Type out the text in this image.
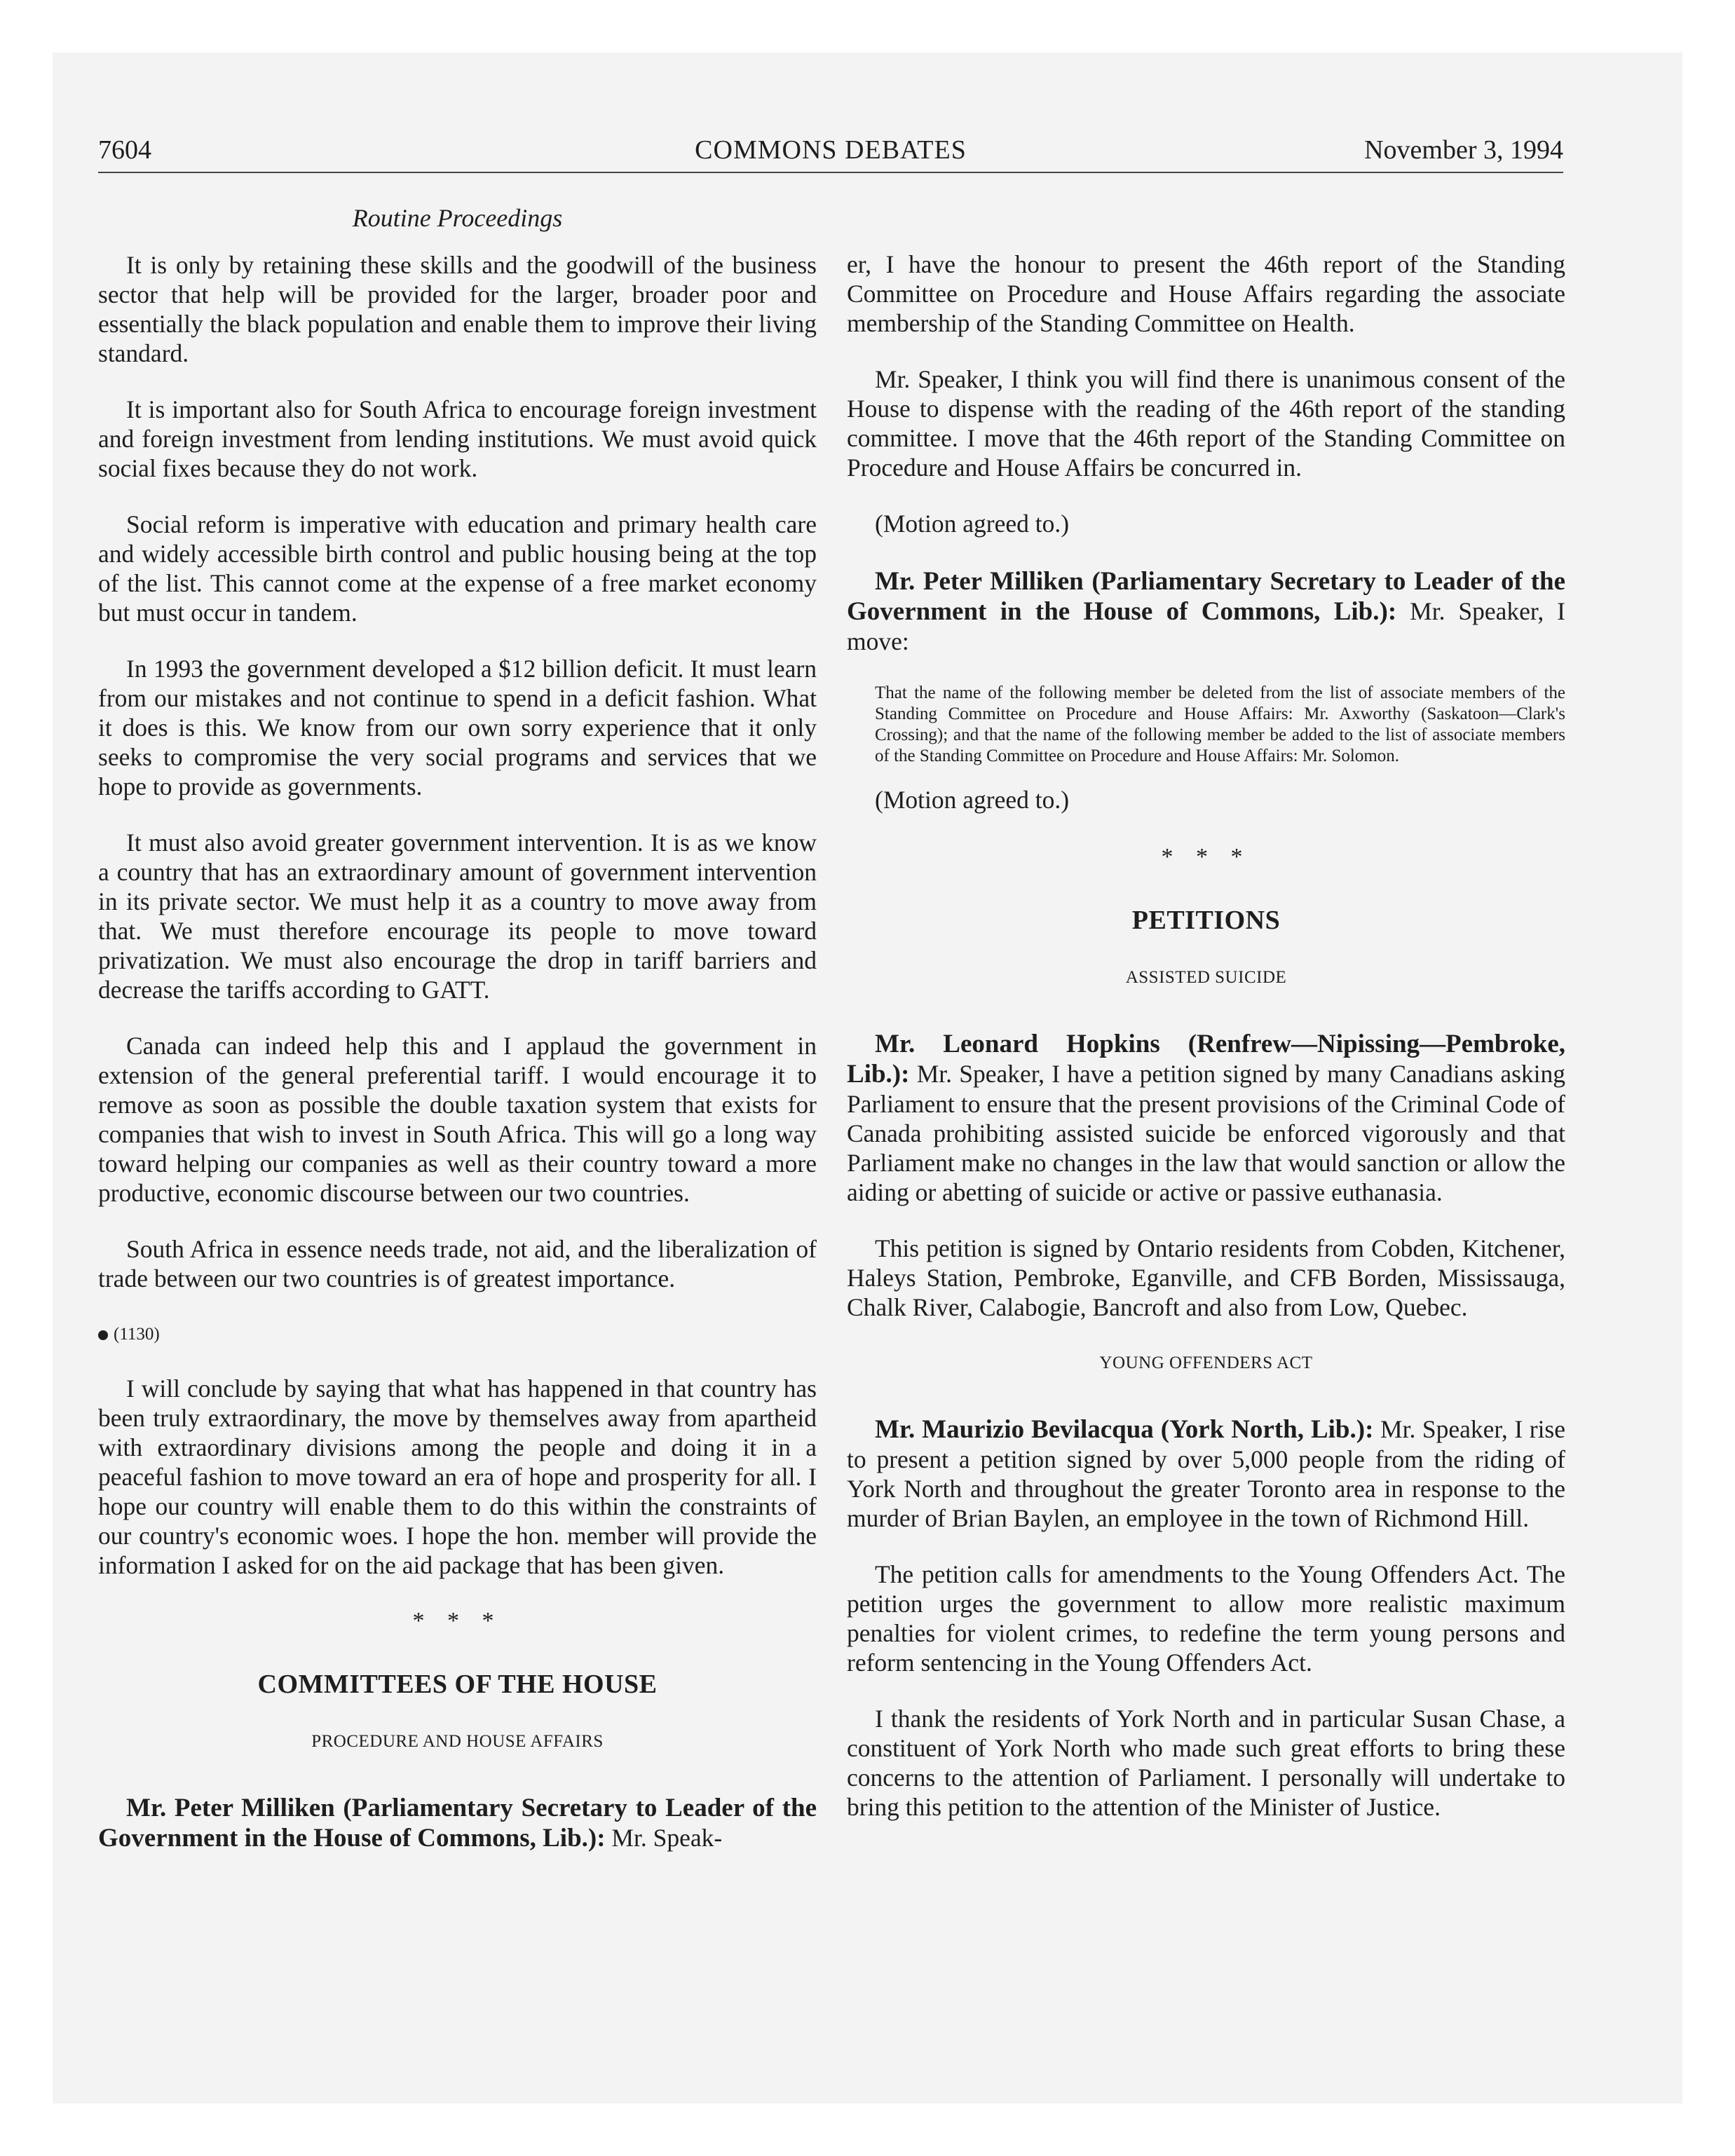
7604	COMMONS DEBATES	November 3, 1994
Routine Proceedings

It is only by retaining these skills and the goodwill of the business sector that help will be provided for the larger, broader poor and essentially the black population and enable them to improve their living standard.

It is important also for South Africa to encourage foreign investment and foreign investment from lending institutions. We must avoid quick social fixes because they do not work.

Social reform is imperative with education and primary health care and widely accessible birth control and public housing being at the top of the list. This cannot come at the expense of a free market economy but must occur in tandem.

In 1993 the government developed a $12 billion deficit. It must learn from our mistakes and not continue to spend in a deficit fashion. What it does is this. We know from our own sorry experience that it only seeks to compromise the very social programs and services that we hope to provide as governments.

It must also avoid greater government intervention. It is as we know a country that has an extraordinary amount of government intervention in its private sector. We must help it as a country to move away from that. We must therefore encourage its people to move toward privatization. We must also encourage the drop in tariff barriers and decrease the tariffs according to GATT.

Canada can indeed help this and I applaud the government in extension of the general preferential tariff. I would encourage it to remove as soon as possible the double taxation system that exists for companies that wish to invest in South Africa. This will go a long way toward helping our companies as well as their country toward a more productive, economic discourse between our two countries.

South Africa in essence needs trade, not aid, and the liberalization of trade between our two countries is of greatest importance.

(1130)

I will conclude by saying that what has happened in that country has been truly extraordinary, the move by themselves away from apartheid with extraordinary divisions among the people and doing it in a peaceful fashion to move toward an era of hope and prosperity for all. I hope our country will enable them to do this within the constraints of our country's economic woes. I hope the hon. member will provide the information I asked for on the aid package that has been given.

* * *
COMMITTEES OF THE HOUSE
PROCEDURE AND HOUSE AFFAIRS

Mr. Peter Milliken (Parliamentary Secretary to Leader of the Government in the House of Commons, Lib.): Mr. Speak-

er, I have the honour to present the 46th report of the Standing Committee on Procedure and House Affairs regarding the associate membership of the Standing Committee on Health.

Mr. Speaker, I think you will find there is unanimous consent of the House to dispense with the reading of the 46th report of the standing committee. I move that the 46th report of the Standing Committee on Procedure and House Affairs be concurred in.

(Motion agreed to.)

Mr. Peter Milliken (Parliamentary Secretary to Leader of the Government in the House of Commons, Lib.): Mr. Speaker, I move:

That the name of the following member be deleted from the list of associate members of the Standing Committee on Procedure and House Affairs: Mr. Axworthy (Saskatoon—Clark's Crossing); and that the name of the following member be added to the list of associate members of the Standing Committee on Procedure and House Affairs: Mr. Solomon.

(Motion agreed to.)

* * *
PETITIONS
ASSISTED SUICIDE

Mr. Leonard Hopkins (Renfrew—Nipissing—Pembroke, Lib.): Mr. Speaker, I have a petition signed by many Canadians asking Parliament to ensure that the present provisions of the Criminal Code of Canada prohibiting assisted suicide be enforced vigorously and that Parliament make no changes in the law that would sanction or allow the aiding or abetting of suicide or active or passive euthanasia.

This petition is signed by Ontario residents from Cobden, Kitchener, Haleys Station, Pembroke, Eganville, and CFB Borden, Mississauga, Chalk River, Calabogie, Bancroft and also from Low, Quebec.

YOUNG OFFENDERS ACT

Mr. Maurizio Bevilacqua (York North, Lib.): Mr. Speaker, I rise to present a petition signed by over 5,000 people from the riding of York North and throughout the greater Toronto area in response to the murder of Brian Baylen, an employee in the town of Richmond Hill.

The petition calls for amendments to the Young Offenders Act. The petition urges the government to allow more realistic maximum penalties for violent crimes, to redefine the term young persons and reform sentencing in the Young Offenders Act.

I thank the residents of York North and in particular Susan Chase, a constituent of York North who made such great efforts to bring these concerns to the attention of Parliament. I personally will undertake to bring this petition to the attention of the Minister of Justice.
